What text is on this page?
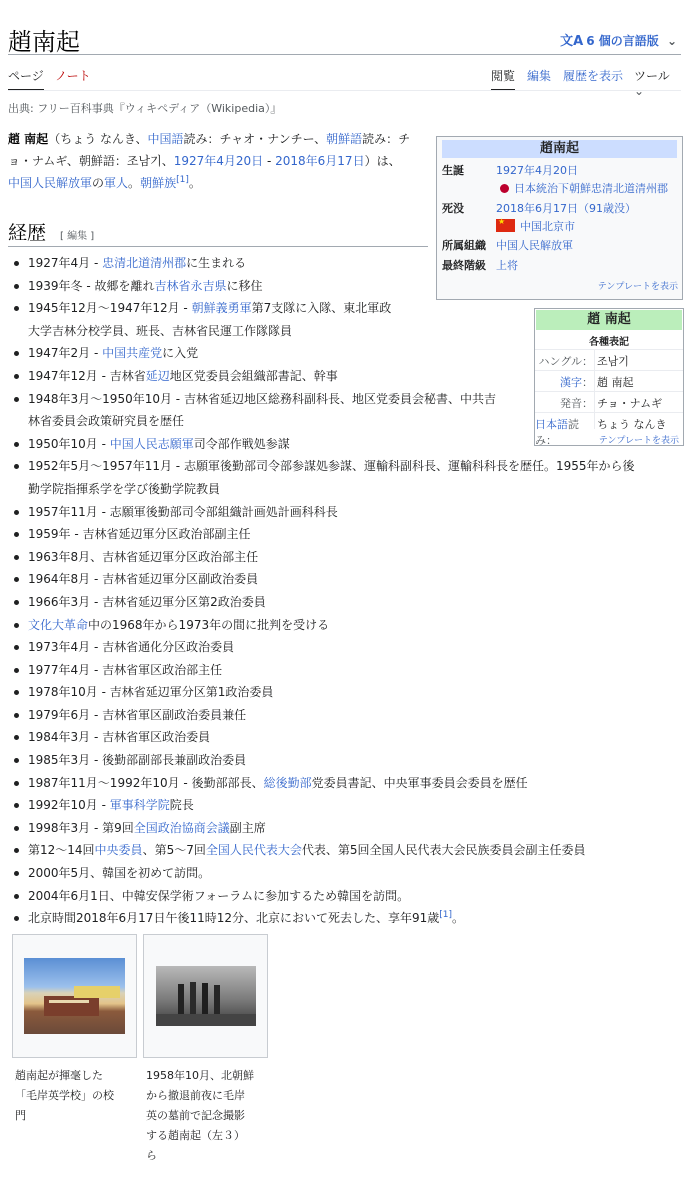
趙南起	文A 6 個の言語版 ⌄
ページ ノート	閲覧 編集 履歴を表示 ツール ⌄
出典: フリー百科事典『ウィキペディア（Wikipedia）』
趙 南起（ちょう なんき、中国語読み：チャオ・ナンチー、朝鮮語読み：チョ・ナムギ、朝鮮語：조남기、1927年4月20日 - 2018年6月17日）は、中国人民解放軍の軍人。朝鮮族[1]。
経歴 [ 編集 ]
1927年4月 - 忠清北道清州郡に生まれる
1939年冬 - 故郷を離れ吉林省永吉県に移住
1945年12月～1947年12月 - 朝鮮義勇軍第7支隊に入隊、東北軍政
大学吉林分校学員、班長、吉林省民運工作隊隊員
1947年2月 - 中国共産党に入党
1947年12月 - 吉林省延辺地区党委員会組織部書記、幹事
1948年3月～1950年10月 - 吉林省延辺地区総務科副科長、地区党委員会秘書、中共吉
林省委員会政策研究員を歴任
1950年10月 - 中国人民志願軍司令部作戦処参謀
1952年5月～1957年11月 - 志願軍後勤部司令部参謀処参謀、運輸科副科長、運輸科科長を歴任。1955年から後
勤学院指揮系学を学び後勤学院教員
1957年11月 - 志願軍後勤部司令部組織計画処計画科科長
1959年 - 吉林省延辺軍分区政治部副主任
1963年8月、吉林省延辺軍分区政治部主任
1964年8月 - 吉林省延辺軍分区副政治委員
1966年3月 - 吉林省延辺軍分区第2政治委員
文化大革命中の1968年から1973年の間に批判を受ける
1973年4月 - 吉林省通化分区政治委員
1977年4月 - 吉林省軍区政治部主任
1978年10月 - 吉林省延辺軍分区第1政治委員
1979年6月 - 吉林省軍区副政治委員兼任
1984年3月 - 吉林省軍区政治委員
1985年3月 - 後勤部副部長兼副政治委員
1987年11月～1992年10月 - 後勤部部長、総後勤部党委員書記、中央軍事委員会委員を歴任
1992年10月 - 軍事科学院院長
1998年3月 - 第9回全国政治協商会議副主席
第12～14回中央委員、第5～7回全国人民代表大会代表、第5回全国人民代表大会民族委員会副主任委員
2000年5月、韓国を初めて訪問。
2004年6月1日、中韓安保学術フォーラムに参加するため韓国を訪問。
北京時間2018年6月17日午後11時12分、北京において死去した、享年91歳[1]。
趙南起
生誕	1927年4月20日
日本統治下朝鮮忠清北道清州郡
死没	2018年6月17日（91歳没）
★中国北京市
所属組織 中国人民解放軍
最終階級 上将
テンプレートを表示
趙 南起
各種表記
ハングル： 조남기
漢字： 趙 南起
発音： チョ・ナムギ
日本語読み：
ちょう なんき
テンプレートを表示
趙南起が揮毫した
「毛岸英学校」の校
門
1958年10月、北朝鮮
から撤退前夜に毛岸
英の墓前で記念撮影
する趙南起（左３）
ら
